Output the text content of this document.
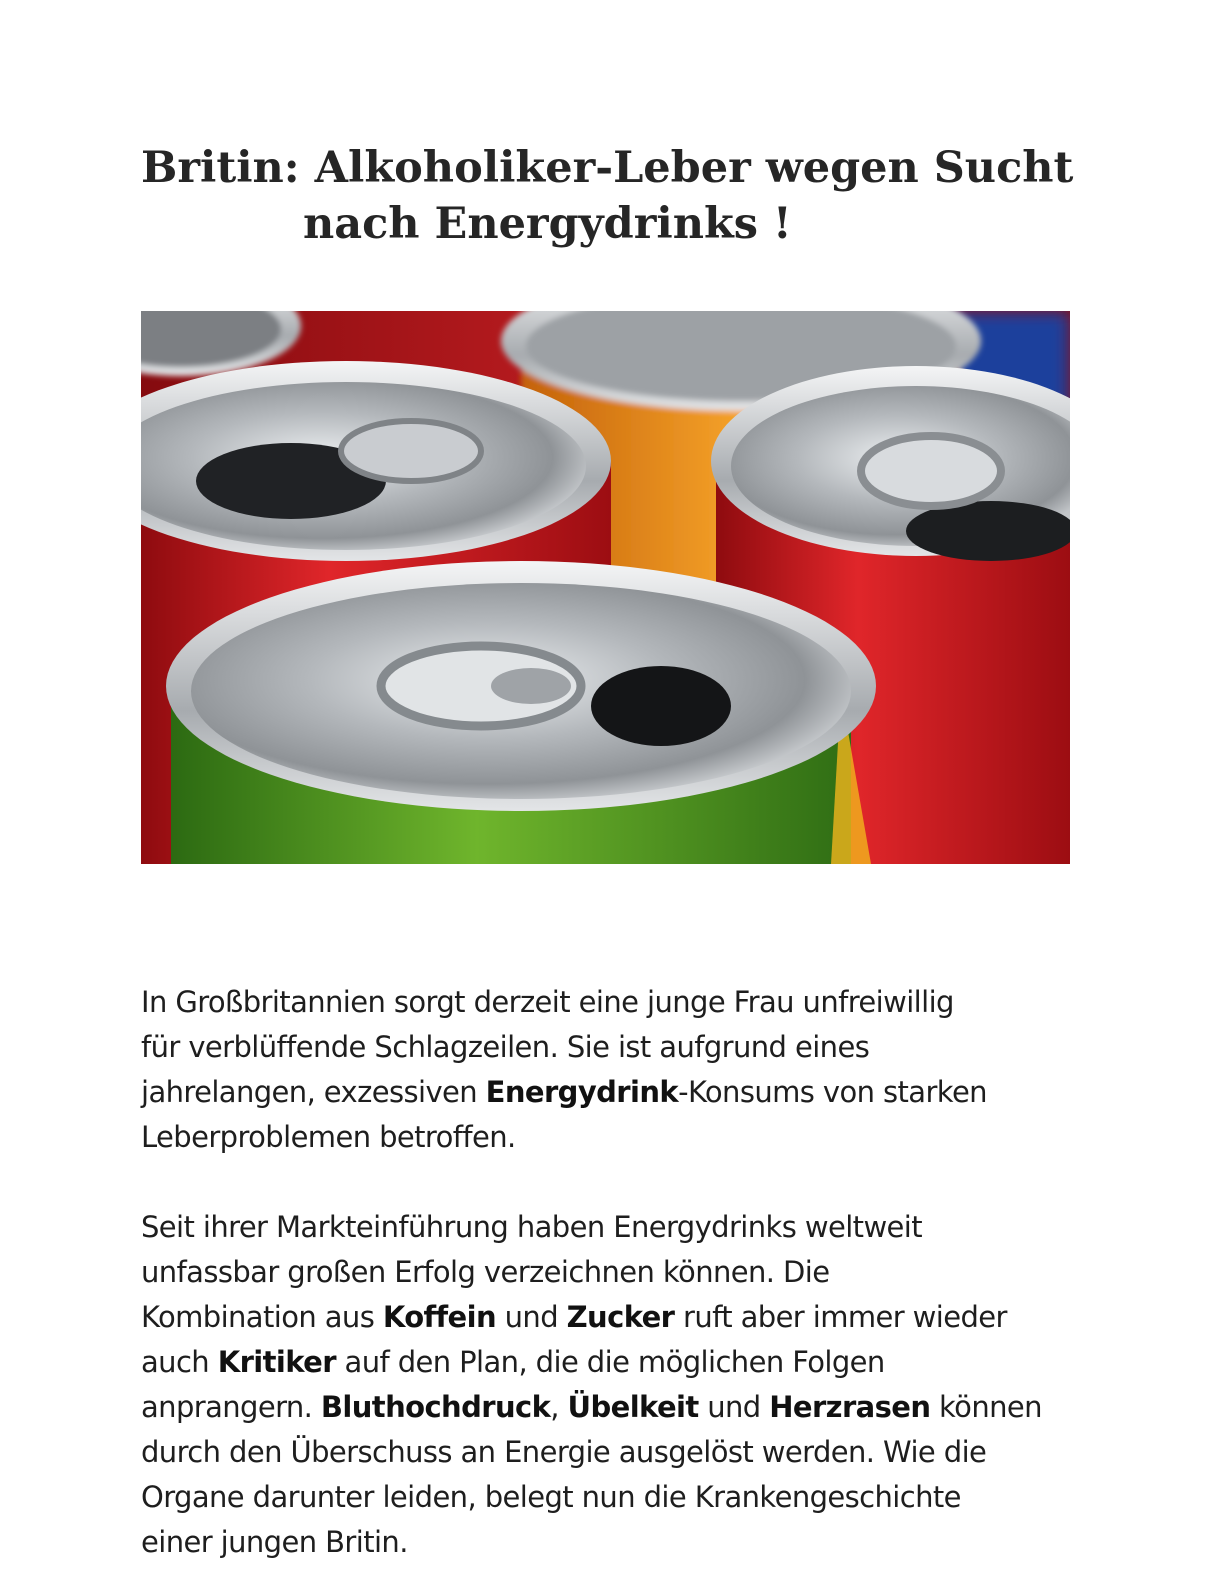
Britin: Alkoholiker-Leber wegen Sucht
nach Energydrinks !

In Großbritannien sorgt derzeit eine junge Frau unfreiwillig
für verblüffende Schlagzeilen. Sie ist aufgrund eines
jahrelangen, exzessiven Energydrink-Konsums von starken
Leberproblemen betroffen.

Seit ihrer Markteinführung haben Energydrinks weltweit
unfassbar großen Erfolg verzeichnen können. Die
Kombination aus Koffein und Zucker ruft aber immer wieder
auch Kritiker auf den Plan, die die möglichen Folgen
anprangern. Bluthochdruck, Übelkeit und Herzrasen können
durch den Überschuss an Energie ausgelöst werden. Wie die
Organe darunter leiden, belegt nun die Krankengeschichte
einer jungen Britin.
